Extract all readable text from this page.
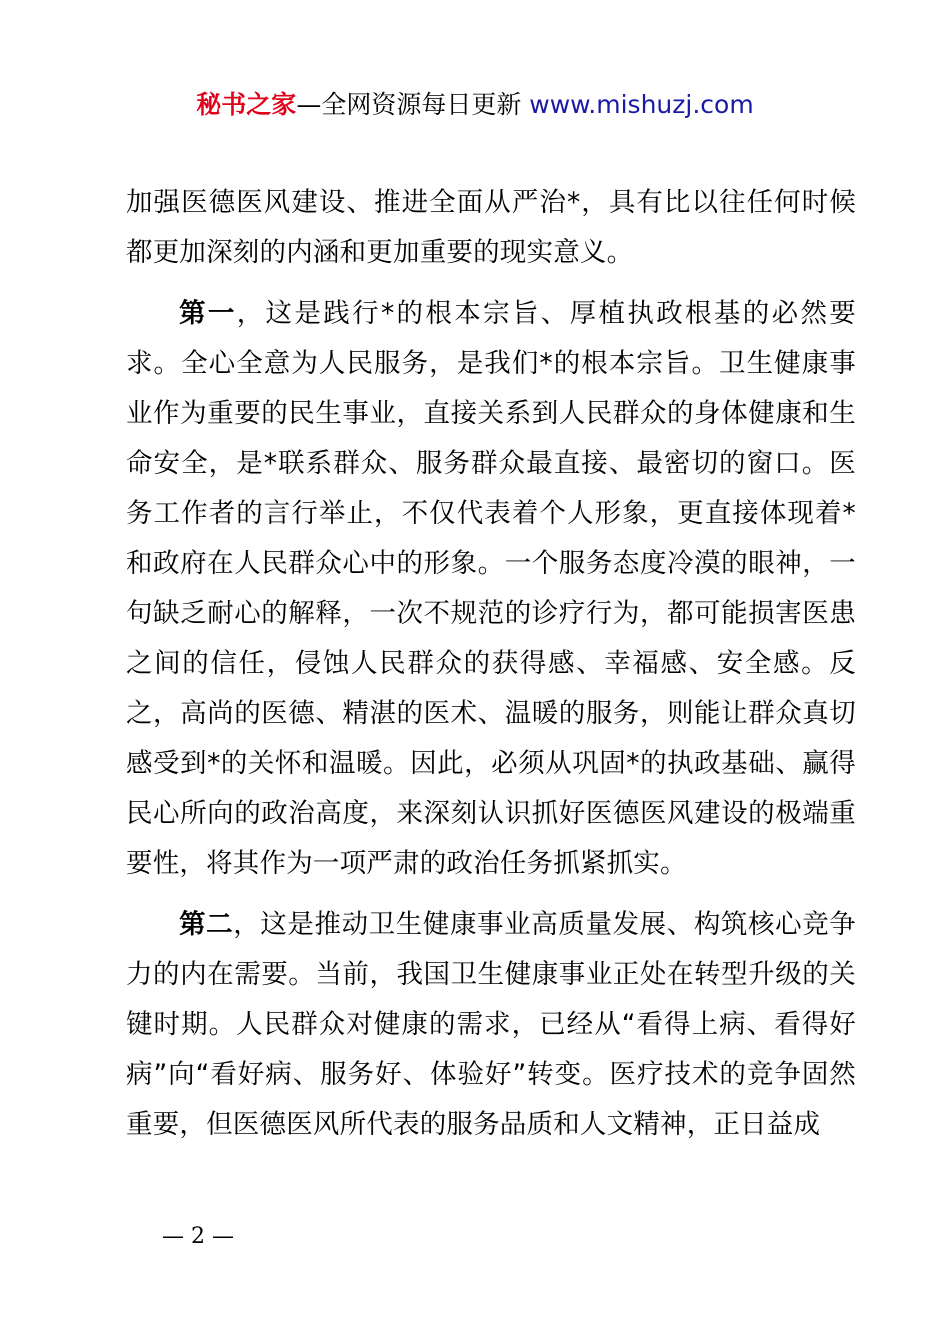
秘书之家—全网资源每日更新 www.mishuzj.com

加强医德医风建设、推进全面从严治*，具有比以往任何时候都更加深刻的内涵和更加重要的现实意义。

第一，这是践行*的根本宗旨、厚植执政根基的必然要求。全心全意为人民服务，是我们*的根本宗旨。卫生健康事业作为重要的民生事业，直接关系到人民群众的身体健康和生命安全，是*联系群众、服务群众最直接、最密切的窗口。医务工作者的言行举止，不仅代表着个人形象，更直接体现着*和政府在人民群众心中的形象。一个服务态度冷漠的眼神，一句缺乏耐心的解释，一次不规范的诊疗行为，都可能损害医患之间的信任，侵蚀人民群众的获得感、幸福感、安全感。反之，高尚的医德、精湛的医术、温暖的服务，则能让群众真切感受到*的关怀和温暖。因此，必须从巩固*的执政基础、赢得民心所向的政治高度，来深刻认识抓好医德医风建设的极端重要性，将其作为一项严肃的政治任务抓紧抓实。

第二，这是推动卫生健康事业高质量发展、构筑核心竞争力的内在需要。当前，我国卫生健康事业正处在转型升级的关键时期。人民群众对健康的需求，已经从“看得上病、看得好病”向“看好病、服务好、体验好”转变。医疗技术的竞争固然重要，但医德医风所代表的服务品质和人文精神，正日益成

— 2 —
